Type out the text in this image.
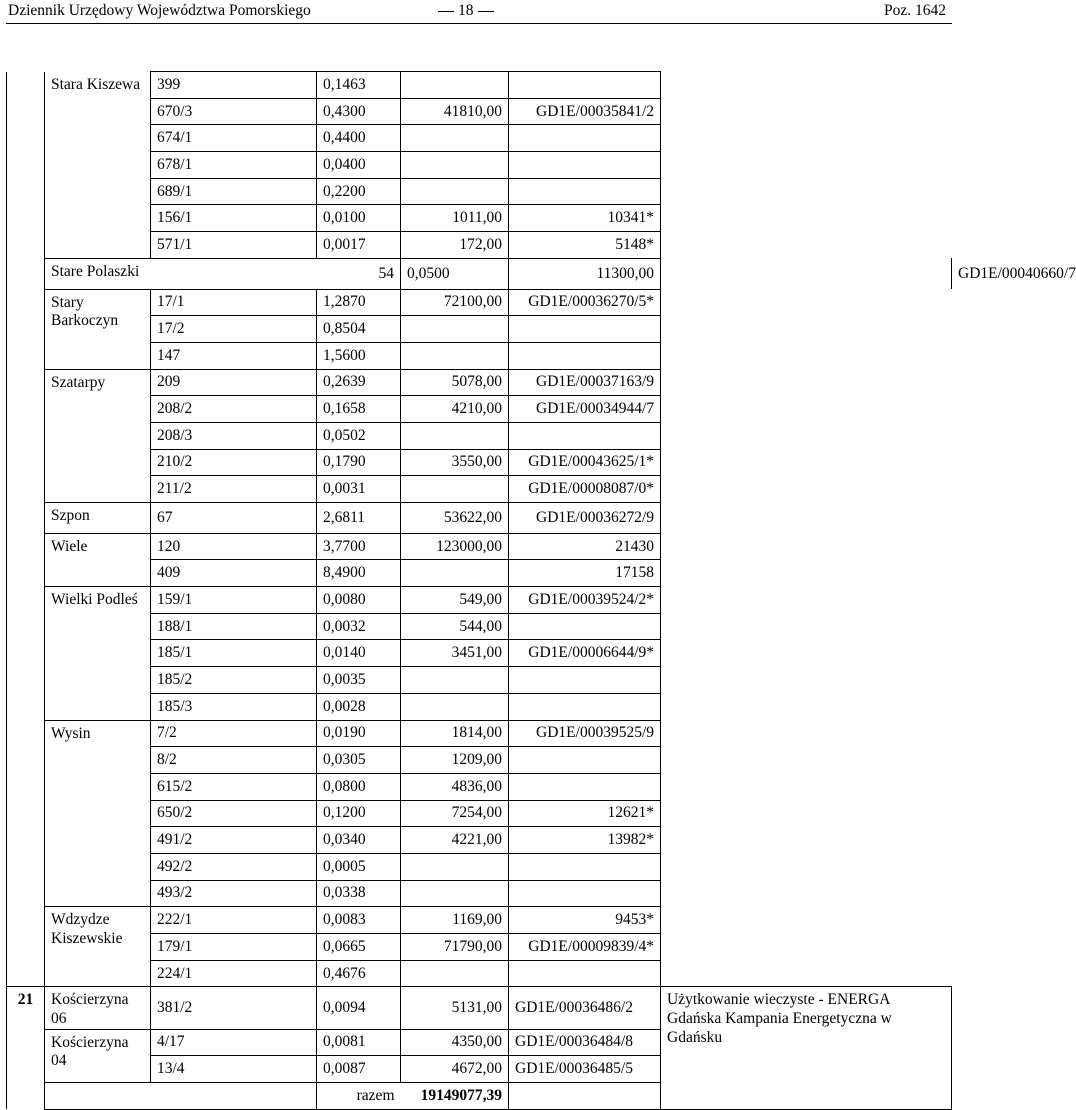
Dziennik Urzędowy Województwa Pomorskiego	18	Poz. 1642
	Stara Kiszewa	399	0,1463				
		670/3	0,4300	41810,00	GD1E/00035841/2		
		674/1	0,4400				
		678/1	0,0400				
		689/1	0,2200				
		156/1	0,0100	1011,00	10341*		
		571/1	0,0017	172,00	5148*		
	Stare Polaszki		54	0,0500	11300,00		GD1E/00040660/7
	Stary Barkoczyn	17/1	1,2870	72100,00	GD1E/00036270/5*		
		17/2	0,8504				
		147	1,5600				
	Szatarpy	209	0,2639	5078,00	GD1E/00037163/9		
		208/2	0,1658	4210,00	GD1E/00034944/7		
		208/3	0,0502				
		210/2	0,1790	3550,00	GD1E/00043625/1*		
		211/2	0,0031		GD1E/00008087/0*		
	Szpon	67	2,6811	53622,00	GD1E/00036272/9		
	Wiele	120	3,7700	123000,00	21430		
		409	8,4900		17158		
	Wielki Podleś	159/1	0,0080	549,00	GD1E/00039524/2*		
		188/1	0,0032	544,00			
		185/1	0,0140	3451,00	GD1E/00006644/9*		
		185/2	0,0035				
		185/3	0,0028				
	Wysin	7/2	0,0190	1814,00	GD1E/00039525/9		
		8/2	0,0305	1209,00			
		615/2	0,0800	4836,00			
		650/2	0,1200	7254,00	12621*		
		491/2	0,0340	4221,00	13982*		
		492/2	0,0005				
		493/2	0,0338				
	Wdzydze Kiszewskie	222/1	0,0083	1169,00	9453*		
		179/1	0,0665	71790,00	GD1E/00009839/4*		
		224/1	0,4676				
21	Kościerzyna 06	381/2	0,0094	5131,00	GD1E/00036486/2	Użytkowanie wieczyste - ENERGA Gdańska Kampania Energetyczna w Gdańsku	
	Kościerzyna 04	4/17	0,0081	4350,00	GD1E/00036484/8		
		13/4	0,0087	4672,00	GD1E/00036485/5		
			razem	19149077,39			
